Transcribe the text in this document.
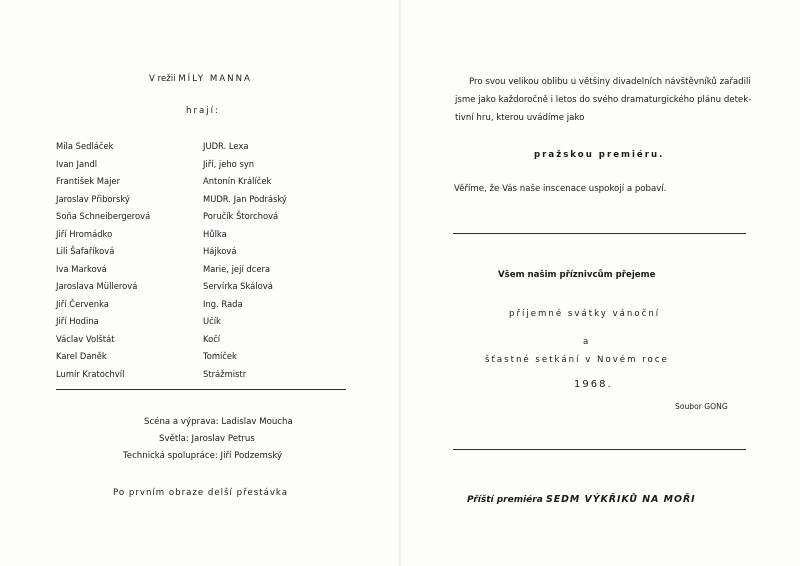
V režii MÍLY MANNA
hrají:
Mila Sedláček	JUDR. Lexa
Ivan Jandl	Jiří, jeho syn
František Majer	Antonín Králíček
Jaroslav Přiborský	MUDR. Jan Podráský
Soňa Schneibergerová	Poručík Štorchová
Jiří Hromádko	Hůlka
Lili Šafaříková	Hájková
Iva Marková	Marie, její dcera
Jaroslava Müllerová	Servírka Skálová
Jiří Červenka	Ing. Rada
Jiří Hodina	Učík
Václav Volštát	Kočí
Karel Daněk	Tomíček
Lumír Kratochvíl	Strážmistr
Scéna a výprava: Ladislav Moucha
Světla: Jaroslav Petrus
Technická spolupráce: Jiří Podzemský
Po prvním obraze delší přestávka
Pro svou velikou oblibu u většiny divadelních návštěvníků zařadili
jsme jako každoročně i letos do svého dramaturgického plánu detek-
tivní hru, kterou uvádíme jako
pražskou premiéru.
Věříme, že Vás naše inscenace uspokojí a pobaví.
Všem našim příznivcům přejeme
příjemné svátky vánoční
a
šťastné setkání v Novém roce
1968.
Soubor GONG
Příští premiéra SEDM VÝKŘIKŮ NA MOŘI
